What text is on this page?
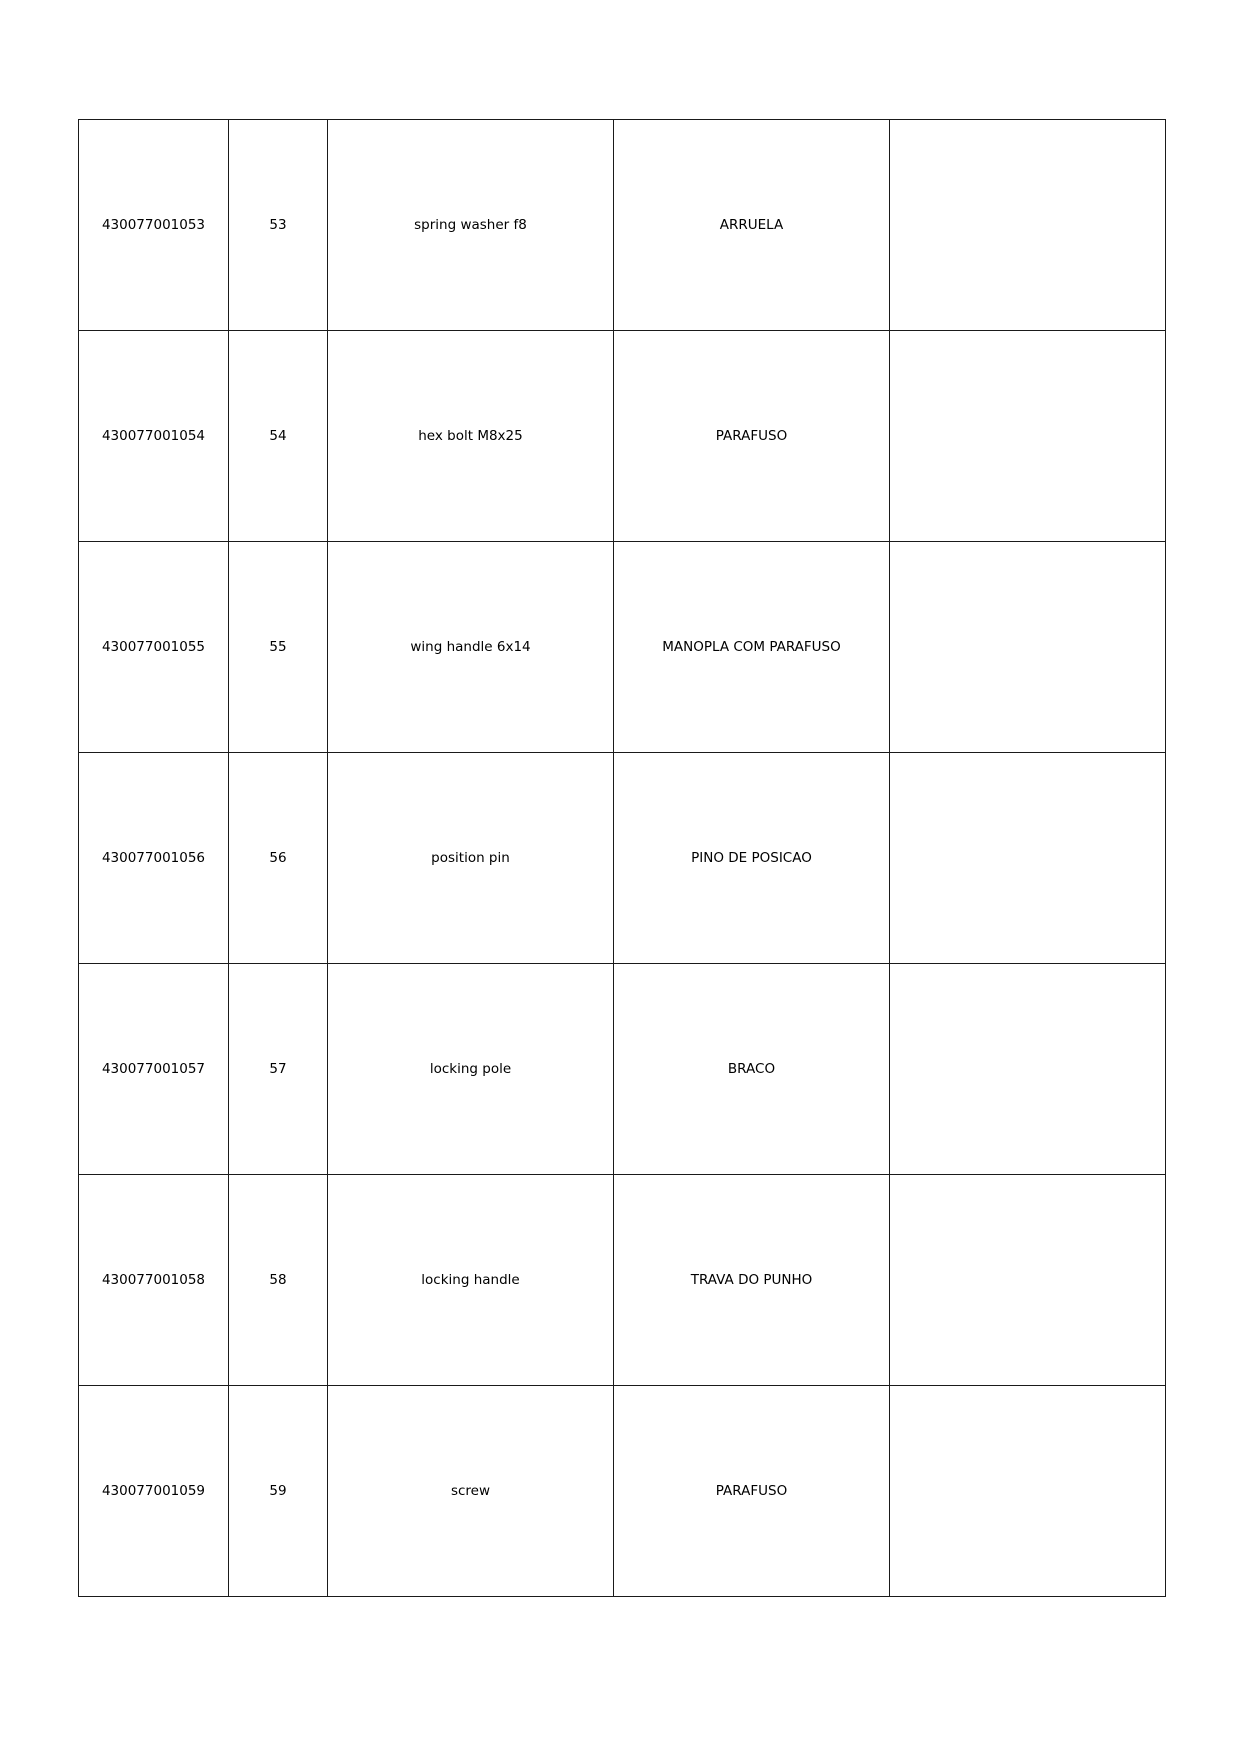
430077001053	53	spring washer f8	ARRUELA	
430077001054	54	hex bolt M8x25	PARAFUSO	
430077001055	55	wing handle 6x14	MANOPLA COM PARAFUSO	
430077001056	56	position pin	PINO DE POSICAO	
430077001057	57	locking pole	BRACO	
430077001058	58	locking handle	TRAVA DO PUNHO	
430077001059	59	screw	PARAFUSO	
